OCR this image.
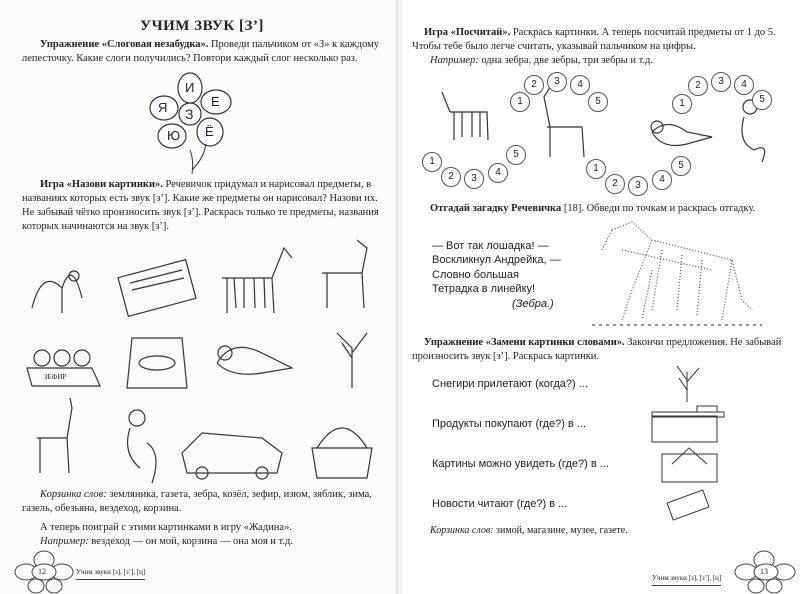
УЧИМ ЗВУК [З’]

Упражнение «Слоговая незабудка». Проведи пальчиком от «З» к каждому лепесточку. Какие слоги получились? Повтори каждый слог несколько раз.

З
И
Е
Ё
Ю
Я

Игра «Назови картинки». Речевичок придумал и нарисовал предметы, в названиях которых есть звук [з’]. Какие же предметы он нарисовал? Назови их. Не забывай чётко произносить звук [з’]. Раскрась только те предметы, названия которых начинаются на звук [з’].

ЗЕФИР

Корзинка слов: земляника, газета, зебра, козёл, зефир, изюм, зяблик, зима, газель, обезьяна, вездеход, корзина.

А теперь поиграй с этими картинками в игру «Жадина».

Например: вездеход — он мой, корзина — она моя и т.д.

12	Учим звуки [з], [з’], [ц]

Игра «Посчитай». Раскрась картинки. А теперь посчитай предметы от 1 до 5. Чтобы тебе было легче считать, указывай пальчиком на цифры.

Например: одна зебра, две зебры, три зебры и т.д.

1
2	3
4
5
1
2	3	4
5
1
2	3
4
5
1
2	3	4
5

Отгадай загадку Речевичка [18]. Обведи по точкам и раскрась отгадку.

— Вот так лошадка! —
Воскликнул Андрейка, —
Словно большая
Тетрадка в линейку!
(Зебра.)

Упражнение «Замени картинки словами». Закончи предложения. Не забывай произносить звук [з’]. Раскрась картинки.

Снегири прилетают (когда?) ...
Продукты покупают (где?) в ...
Картины можно увидеть (где?) в ...
Новости читают (где?) в ...

Корзинка слов: зимой, магазине, музее, газете.

Учим звуки [з], [з’], [ц]
13
